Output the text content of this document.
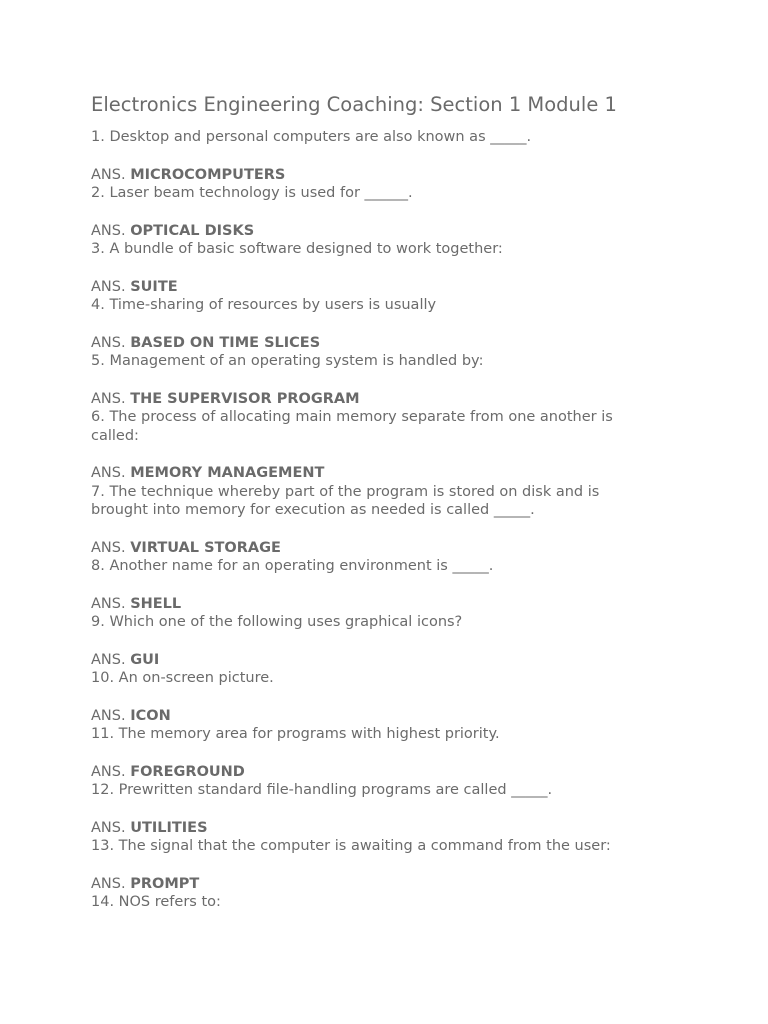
Electronics Engineering Coaching: Section 1 Module 1

1. Desktop and personal computers are also known as _____.

ANS. MICROCOMPUTERS

2. Laser beam technology is used for ______.

ANS. OPTICAL DISKS

3. A bundle of basic software designed to work together:

ANS. SUITE

4. Time-sharing of resources by users is usually

ANS. BASED ON TIME SLICES

5. Management of an operating system is handled by:

ANS. THE SUPERVISOR PROGRAM

6. The process of allocating main memory separate from one another is called:

ANS. MEMORY MANAGEMENT

7. The technique whereby part of the program is stored on disk and is brought into memory for execution as needed is called _____.

ANS. VIRTUAL STORAGE

8. Another name for an operating environment is _____.

ANS. SHELL

9. Which one of the following uses graphical icons?

ANS. GUI

10. An on-screen picture.

ANS. ICON

11. The memory area for programs with highest priority.

ANS. FOREGROUND

12. Prewritten standard file-handling programs are called _____.

ANS. UTILITIES

13. The signal that the computer is awaiting a command from the user:

ANS. PROMPT

14. NOS refers to:
